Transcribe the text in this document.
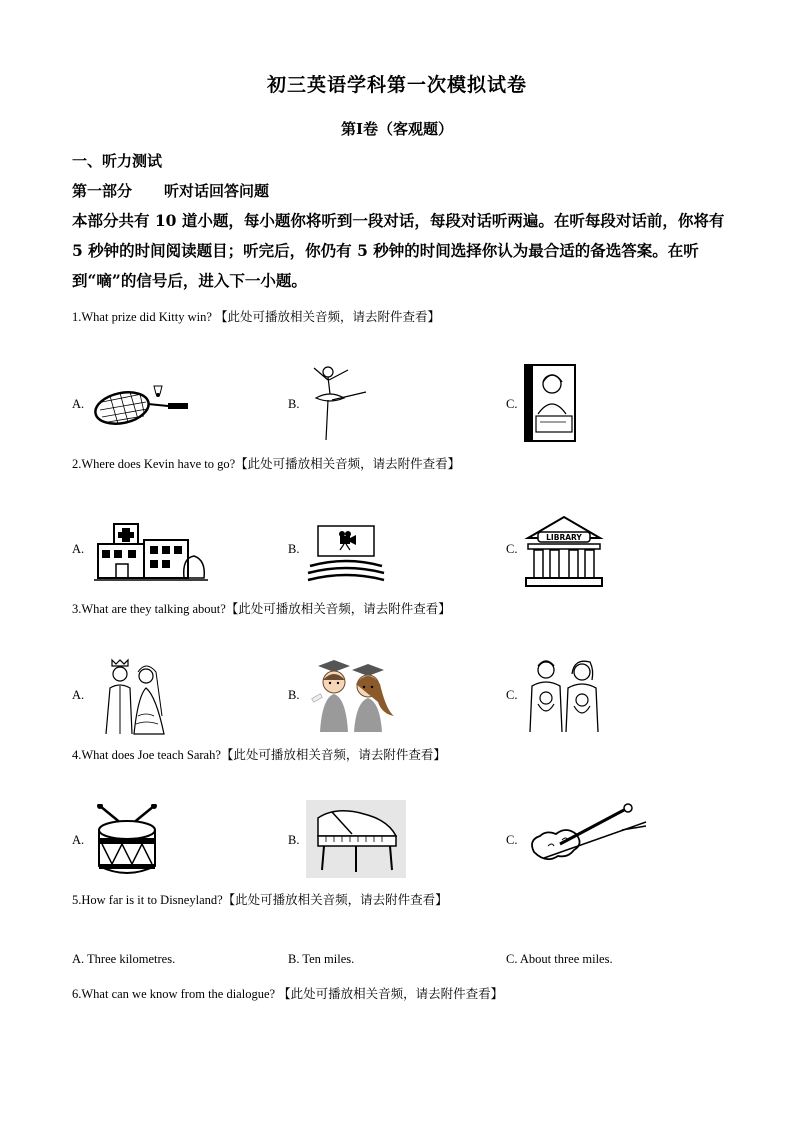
初三英语学科第一次模拟试卷
第Ⅰ卷（客观题）
一、听力测试
第一部分 听对话回答问题
本部分共有 10 道小题，每小题你将听到一段对话，每段对话听两遍。在听每段对话前，你将有 5 秒钟的时间阅读题目；听完后，你仍有 5 秒钟的时间选择你认为最合适的备选答案。在听到“嘀”的信号后，进入下一小题。
1.What prize did Kitty win? 【此处可播放相关音频，请去附件查看】
A.	B.	C.
2.Where does Kevin have to go?【此处可播放相关音频，请去附件查看】
A.	B.	C.
LIBRARY
3.What are they talking about?【此处可播放相关音频，请去附件查看】
A.	B.	C.
4.What does Joe teach Sarah?【此处可播放相关音频，请去附件查看】
A.	B.	C.
5.How far is it to Disneyland?【此处可播放相关音频，请去附件查看】
A. Three kilometres.	B. Ten miles.	C. About three miles.
6.What can we know from the dialogue? 【此处可播放相关音频，请去附件查看】
